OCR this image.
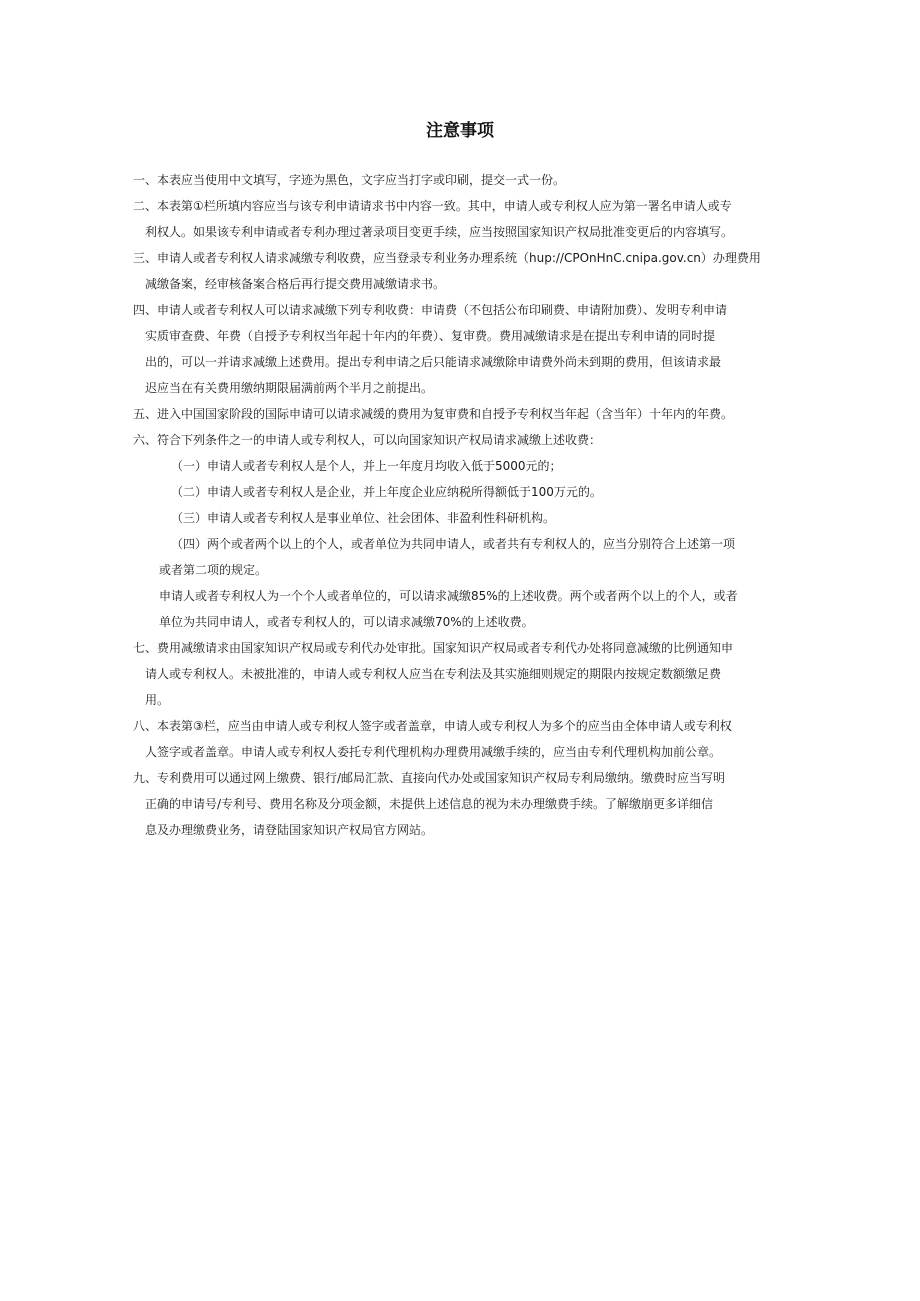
注意事项
一、本表应当使用中文填写，字迹为黑色，文字应当打字或印刷，提交一式一份。
二、本表第①栏所填内容应当与该专利申请请求书中内容一致。其中，申请人或专利权人应为第一署名申请人或专
利权人。如果该专利申请或者专利办理过著录项目变更手续，应当按照国家知识产权局批准变更后的内容填写。
三、申请人或者专利权人请求减缴专利收费，应当登录专利业务办理系统（hup://CPOnHnC.cnipa.gov.cn）办理费用
减缴备案，经审核备案合格后再行提交费用减缴请求书。
四、申请人或者专利权人可以请求减缴下列专利收费：申请费（不包括公布印刷费、申请附加费）、发明专利申请
实质审查费、年费（自授予专利权当年起十年内的年费）、复审费。费用减缴请求是在提出专利申请的同时提
出的，可以一并请求减缴上述费用。提出专利申请之后只能请求减缴除申请费外尚未到期的费用，但该请求最
迟应当在有关费用缴纳期限届满前两个半月之前提出。
五、进入中国国家阶段的国际申请可以请求减缓的费用为复审费和自授予专利权当年起（含当年）十年内的年费。
六、符合下列条件之一的申请人或专利权人，可以向国家知识产权局请求减缴上述收费：
（一）申请人或者专利权人是个人，并上一年度月均收入低于5000元的；
（二）申请人或者专利权人是企业，并上年度企业应纳税所得额低于100万元的。
（三）申请人或者专利权人是事业单位、社会团体、非盈利性科研机构。
（四）两个或者两个以上的个人，或者单位为共同申请人，或者共有专利权人的，应当分别符合上述第一项
或者第二项的规定。
申请人或者专利权人为一个个人或者单位的，可以请求减缴85%的上述收费。两个或者两个以上的个人，或者
单位为共同申请人，或者专利权人的，可以请求减缴70%的上述收费。
七、费用减缴请求由国家知识产权局或专利代办处审批。国家知识产权局或者专利代办处将同意减缴的比例通知申
请人或专利权人。未被批准的，申请人或专利权人应当在专利法及其实施细则规定的期限内按规定数额缴足费
用。
八、本表第③栏，应当由申请人或专利权人签字或者盖章，申请人或专利权人为多个的应当由全体申请人或专利权
人签字或者盖章。申请人或专利权人委托专利代理机构办理费用减缴手续的，应当由专利代理机构加前公章。
九、专利费用可以通过网上缴费、银行/邮局汇款、直接向代办处或国家知识产权局专利局缴纳。缴费时应当写明
正确的申请号/专利号、费用名称及分项金额，未提供上述信息的视为未办理缴费手续。了解缴崩更多详细信
息及办理缴费业务，请登陆国家知识产权局官方网站。
